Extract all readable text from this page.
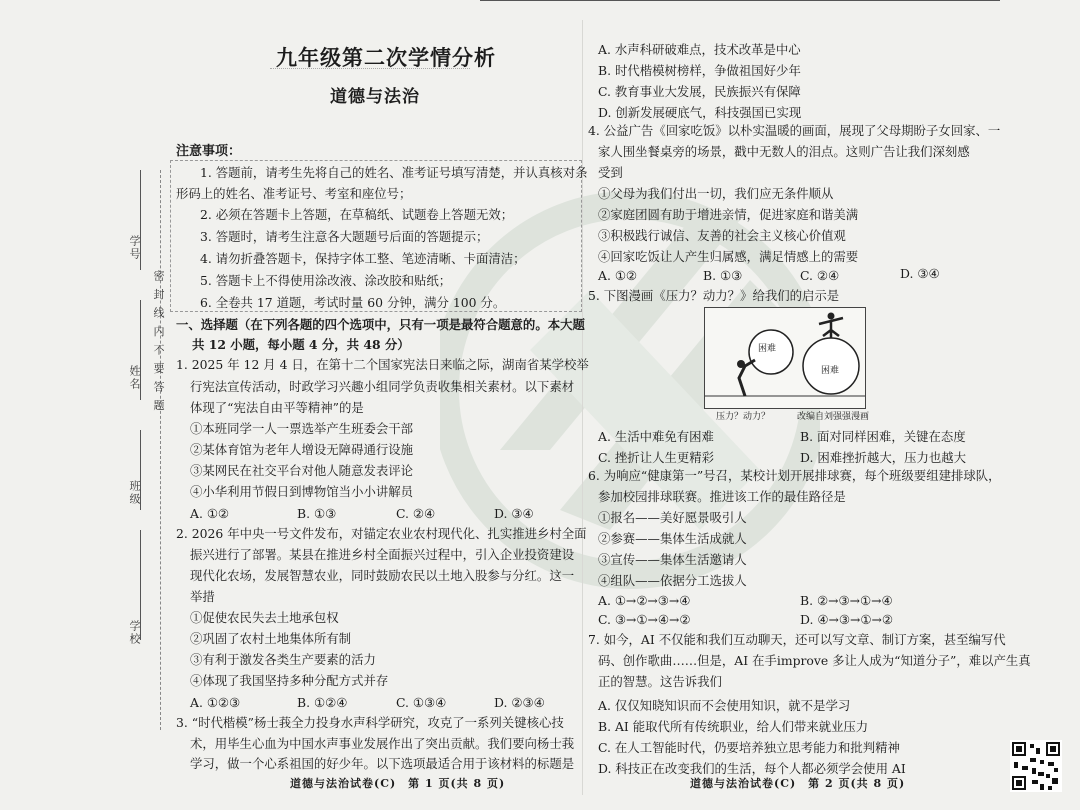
学号
姓名
班级
学校
密 封 线 内 不 要 答 题
九年级第二次学情分析
道德与法治
注意事项：
1. 答题前，请考生先将自己的姓名、准考证号填写清楚，并认真核对条
形码上的姓名、准考证号、考室和座位号；
2. 必须在答题卡上答题，在草稿纸、试题卷上答题无效；
3. 答题时，请考生注意各大题题号后面的答题提示；
4. 请勿折叠答题卡，保持字体工整、笔迹清晰、卡面清洁；
5. 答题卡上不得使用涂改液、涂改胶和贴纸；
6. 全卷共 17 道题，考试时量 60 分钟，满分 100 分。
一、选择题（在下列各题的四个选项中，只有一项是最符合题意的。本大题
共 12 小题，每小题 4 分，共 48 分）
1. 2025 年 12 月 4 日，在第十二个国家宪法日来临之际，湖南省某学校举
行宪法宣传活动，时政学习兴趣小组同学负责收集相关素材。以下素材
体现了“宪法自由平等精神”的是
①本班同学一人一票选举产生班委会干部
②某体育馆为老年人增设无障碍通行设施
③某网民在社交平台对他人随意发表评论
④小华利用节假日到博物馆当小小讲解员
A. ①②	B. ①③	C. ②④	D. ③④
2. 2026 年中央一号文件发布，对锚定农业农村现代化、扎实推进乡村全面
振兴进行了部署。某县在推进乡村全面振兴过程中，引入企业投资建设
现代化农场，发展智慧农业，同时鼓励农民以土地入股参与分红。这一
举措
①促使农民失去土地承包权
②巩固了农村土地集体所有制
③有利于激发各类生产要素的活力
④体现了我国坚持多种分配方式并存
A. ①②③	B. ①②④	C. ①③④	D. ②③④
3. “时代楷模”杨士莪全力投身水声科学研究，攻克了一系列关键核心技
术，用毕生心血为中国水声事业发展作出了突出贡献。我们要向杨士莪
学习，做一个心系祖国的好少年。以下选项最适合用于该材料的标题是
A. 水声科研破难点，技术改革是中心
B. 时代楷模树榜样，争做祖国好少年
C. 教育事业大发展，民族振兴有保障
D. 创新发展硬底气，科技强国已实现
4. 公益广告《回家吃饭》以朴实温暖的画面，展现了父母期盼子女回家、一
家人围坐餐桌旁的场景，戳中无数人的泪点。这则广告让我们深刻感
受到
①父母为我们付出一切，我们应无条件顺从
②家庭团圆有助于增进亲情，促进家庭和谐美满
③积极践行诚信、友善的社会主义核心价值观
④回家吃饭让人产生归属感，满足情感上的需要
A. ①②	B. ①③	C. ②④	D. ③④
5. 下图漫画《压力？动力？》给我们的启示是
困难
困难
压力？动力？	改编自刘强强漫画
A. 生活中难免有困难	B. 面对同样困难，关键在态度
C. 挫折让人生更精彩	D. 困难挫折越大，压力也越大
6. 为响应“健康第一”号召，某校计划开展排球赛，每个班级要组建排球队，
参加校园排球联赛。推进该工作的最佳路径是
①报名——美好愿景吸引人
②参赛——集体生活成就人
③宣传——集体生活邀请人
④组队——依据分工选拔人
A. ①→②→③→④	B. ②→③→①→④
C. ③→①→④→②	D. ④→③→①→②
7. 如今，AI 不仅能和我们互动聊天，还可以写文章、制订方案，甚至编写代
码、创作歌曲……但是，AI 在手improve 多让人成为“知道分子”，难以产生真
正的智慧。这告诉我们
A. 仅仅知晓知识而不会使用知识，就不是学习
B. AI 能取代所有传统职业，给人们带来就业压力
C. 在人工智能时代，仍要培养独立思考能力和批判精神
D. 科技正在改变我们的生活，每个人都必须学会使用 AI
道德与法治试卷(C)　第 1 页(共 8 页)	道德与法治试卷(C)　第 2 页(共 8 页)
